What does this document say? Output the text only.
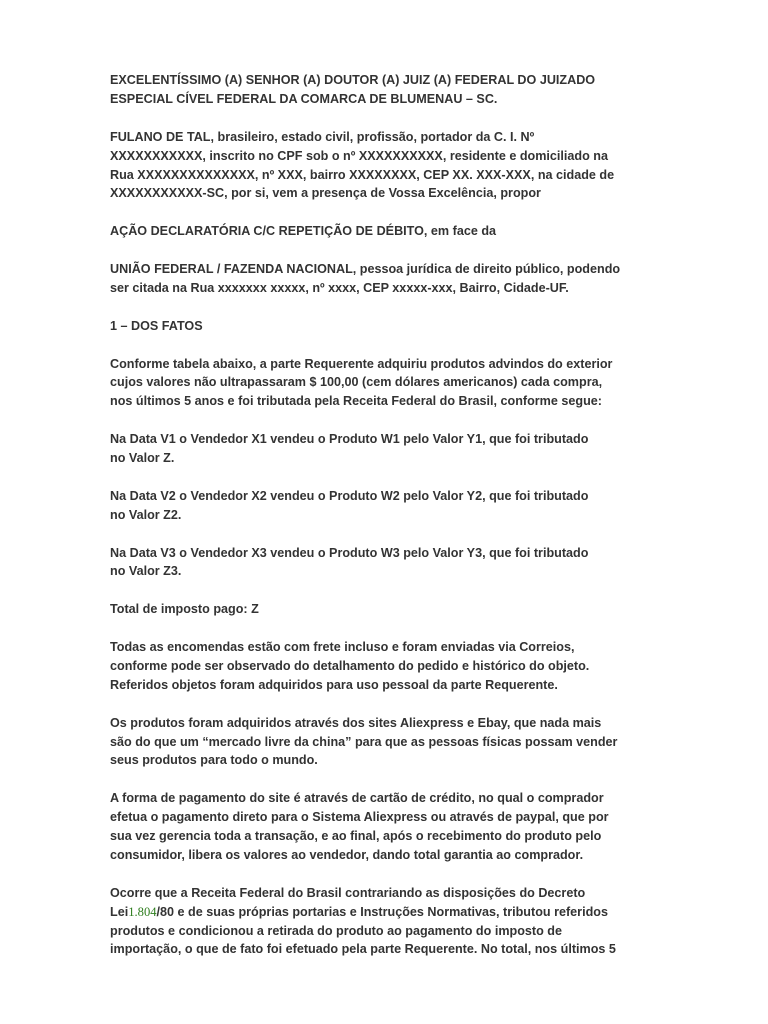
EXCELENTÍSSIMO (A) SENHOR (A) DOUTOR (A) JUIZ (A) FEDERAL DO JUIZADO
ESPECIAL CÍVEL FEDERAL DA COMARCA DE BLUMENAU – SC.

FULANO DE TAL, brasileiro, estado civil, profissão, portador da C. I. Nº
XXXXXXXXXXX, inscrito no CPF sob o nº XXXXXXXXXX, residente e domiciliado na
Rua XXXXXXXXXXXXXX, nº XXX, bairro XXXXXXXX, CEP XX. XXX-XXX, na cidade de
XXXXXXXXXXX-SC, por si, vem a presença de Vossa Excelência, propor

AÇÃO DECLARATÓRIA C/C REPETIÇÃO DE DÉBITO, em face da

UNIÃO FEDERAL / FAZENDA NACIONAL, pessoa jurídica de direito público, podendo
ser citada na Rua xxxxxxx xxxxx, nº xxxx, CEP xxxxx-xxx, Bairro, Cidade-UF.

1 – DOS FATOS

Conforme tabela abaixo, a parte Requerente adquiriu produtos advindos do exterior
cujos valores não ultrapassaram $ 100,00 (cem dólares americanos) cada compra,
nos últimos 5 anos e foi tributada pela Receita Federal do Brasil, conforme segue:

Na Data V1 o Vendedor X1 vendeu o Produto W1 pelo Valor Y1, que foi tributado
no Valor Z.

Na Data V2 o Vendedor X2 vendeu o Produto W2 pelo Valor Y2, que foi tributado
no Valor Z2.

Na Data V3 o Vendedor X3 vendeu o Produto W3 pelo Valor Y3, que foi tributado
no Valor Z3.

Total de imposto pago: Z

Todas as encomendas estão com frete incluso e foram enviadas via Correios,
conforme pode ser observado do detalhamento do pedido e histórico do objeto.
Referidos objetos foram adquiridos para uso pessoal da parte Requerente.

Os produtos foram adquiridos através dos sites Aliexpress e Ebay, que nada mais
são do que um “mercado livre da china” para que as pessoas físicas possam vender
seus produtos para todo o mundo.

A forma de pagamento do site é através de cartão de crédito, no qual o comprador
efetua o pagamento direto para o Sistema Aliexpress ou através de paypal, que por
sua vez gerencia toda a transação, e ao final, após o recebimento do produto pelo
consumidor, libera os valores ao vendedor, dando total garantia ao comprador.

Ocorre que a Receita Federal do Brasil contrariando as disposições do Decreto
Lei1.804/80 e de suas próprias portarias e Instruções Normativas, tributou referidos
produtos e condicionou a retirada do produto ao pagamento do imposto de
importação, o que de fato foi efetuado pela parte Requerente. No total, nos últimos 5
